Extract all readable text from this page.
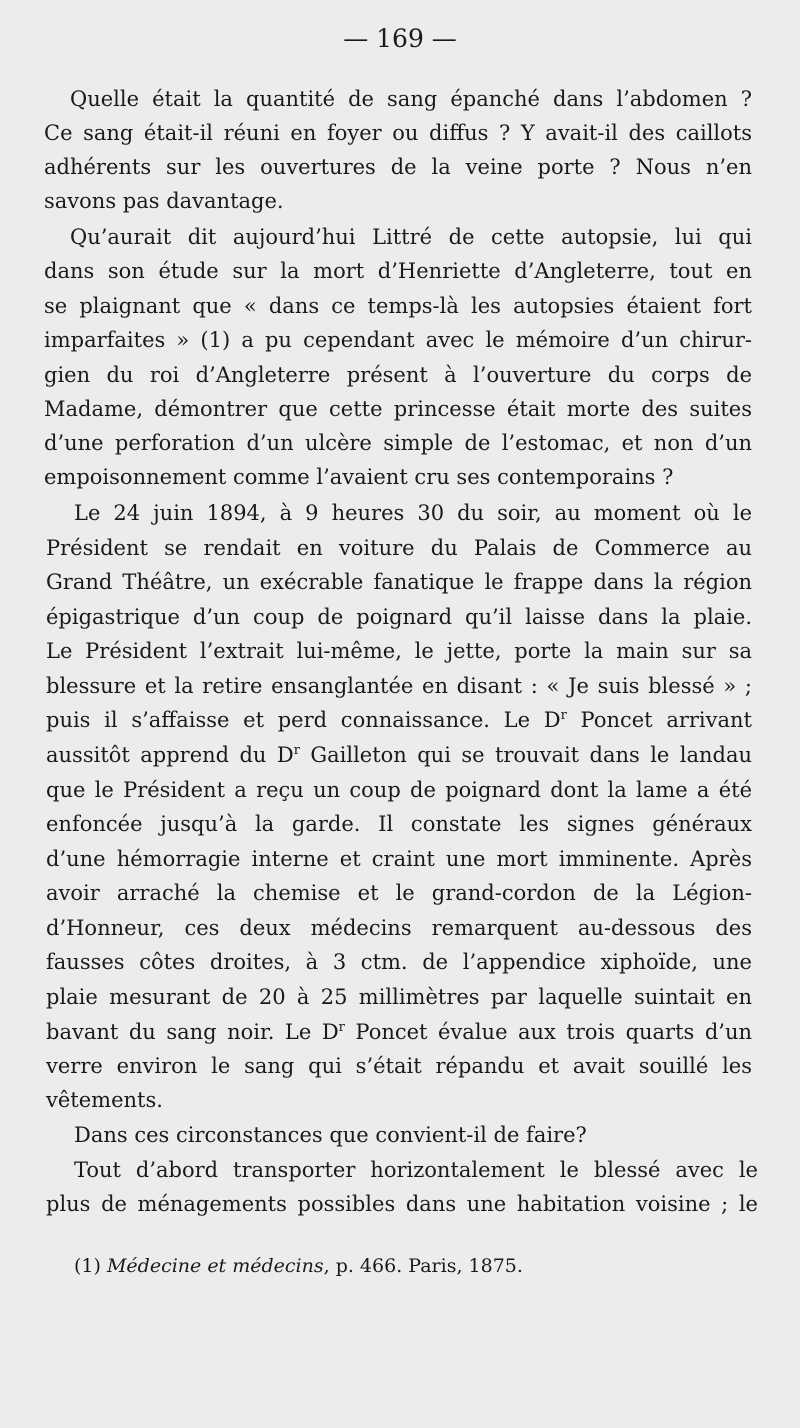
— 169 —
Quelle était la quantité de sang épanché dans l’abdomen ?
Ce sang était-il réuni en foyer ou diffus ? Y avait-il des caillots
adhérents sur les ouvertures de la veine porte ? Nous n’en
savons pas davantage.
Qu’aurait dit aujourd’hui Littré de cette autopsie, lui qui
dans son étude sur la mort d’Henriette d’Angleterre, tout en
se plaignant que « dans ce temps-là les autopsies étaient fort
imparfaites » (1) a pu cependant avec le mémoire d’un chirur-
gien du roi d’Angleterre présent à l’ouverture du corps de
Madame, démontrer que cette princesse était morte des suites
d’une perforation d’un ulcère simple de l’estomac, et non d’un
empoisonnement comme l’avaient cru ses contemporains ?
Le 24 juin 1894, à 9 heures 30 du soir, au moment où le
Président se rendait en voiture du Palais de Commerce au
Grand Théâtre, un exécrable fanatique le frappe dans la région
épigastrique d’un coup de poignard qu’il laisse dans la plaie.
Le Président l’extrait lui-même, le jette, porte la main sur sa
blessure et la retire ensanglantée en disant : « Je suis blessé » ;
puis il s’affaisse et perd connaissance. Le $D^r$ Poncet arrivant
aussitôt apprend du $D^r$ Gailleton qui se trouvait dans le landau
que le Président a reçu un coup de poignard dont la lame a été
enfoncée jusqu’à la garde. Il constate les signes généraux
d’une hémorragie interne et craint une mort imminente. Après
avoir arraché la chemise et le grand-cordon de la Légion-
d’Honneur, ces deux médecins remarquent au-dessous des
fausses côtes droites, à 3 ctm. de l’appendice xiphoïde, une
plaie mesurant de 20 à 25 millimètres par laquelle suintait en
bavant du sang noir. Le $D^r$ Poncet évalue aux trois quarts d’un
verre environ le sang qui s’était répandu et avait souillé les
vêtements.
Dans ces circonstances que convient-il de faire?
Tout d’abord transporter horizontalement le blessé avec le
plus de ménagements possibles dans une habitation voisine ; le
(1) Médecine et médecins, p. 466. Paris, 1875.
